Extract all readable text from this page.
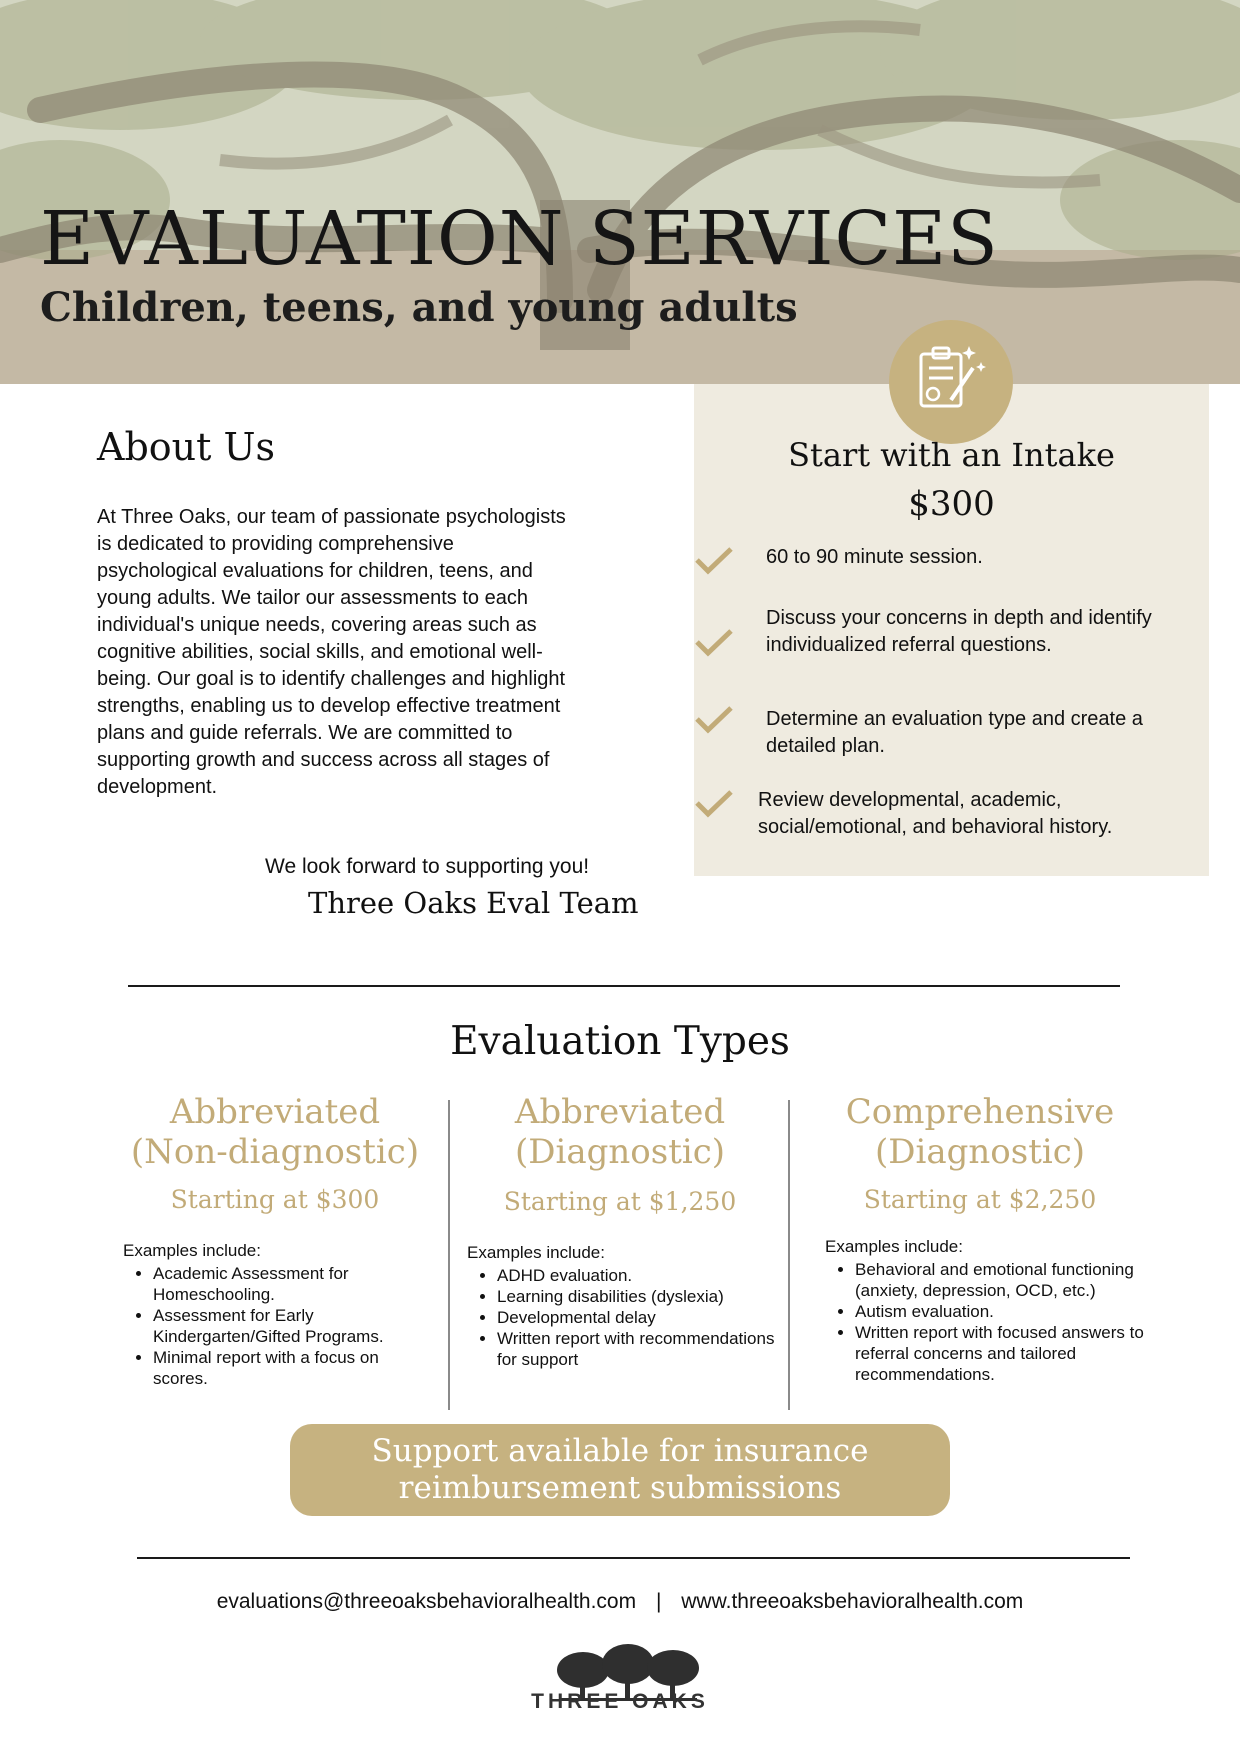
EVALUATION SERVICES
Children, teens, and young adults
Start with an Intake
$300
60 to 90 minute session.
Discuss your concerns in depth and identify individualized referral questions.
Determine an evaluation type and create a detailed plan.
Review developmental, academic, social/emotional, and behavioral history.
About Us

At Three Oaks, our team of passionate psychologists is dedicated to providing comprehensive psychological evaluations for children, teens, and young adults. We tailor our assessments to each individual's unique needs, covering areas such as cognitive abilities, social skills, and emotional well-being. Our goal is to identify challenges and highlight strengths, enabling us to develop effective treatment plans and guide referrals. We are committed to supporting growth and success across all stages of development.

We look forward to supporting you!
Three Oaks Eval Team
Evaluation Types
Abbreviated
(Non-diagnostic)
Starting at $300
Examples include:
• Academic Assessment for Homeschooling.
• Assessment for Early Kindergarten/Gifted Programs.
• Minimal report with a focus on scores.
Abbreviated
(Diagnostic)
Starting at $1,250
Examples include:
• ADHD evaluation.
• Learning disabilities (dyslexia)
• Developmental delay
• Written report with recommendations for support
Comprehensive
(Diagnostic)
Starting at $2,250
Examples include:
• Behavioral and emotional functioning (anxiety, depression, OCD, etc.)
• Autism evaluation.
• Written report with focused answers to referral concerns and tailored recommendations.
Support available for insurance
reimbursement submissions
evaluations@threeoaksbehavioralhealth.com | www.threeoaksbehavioralhealth.com
THREE OAKS
